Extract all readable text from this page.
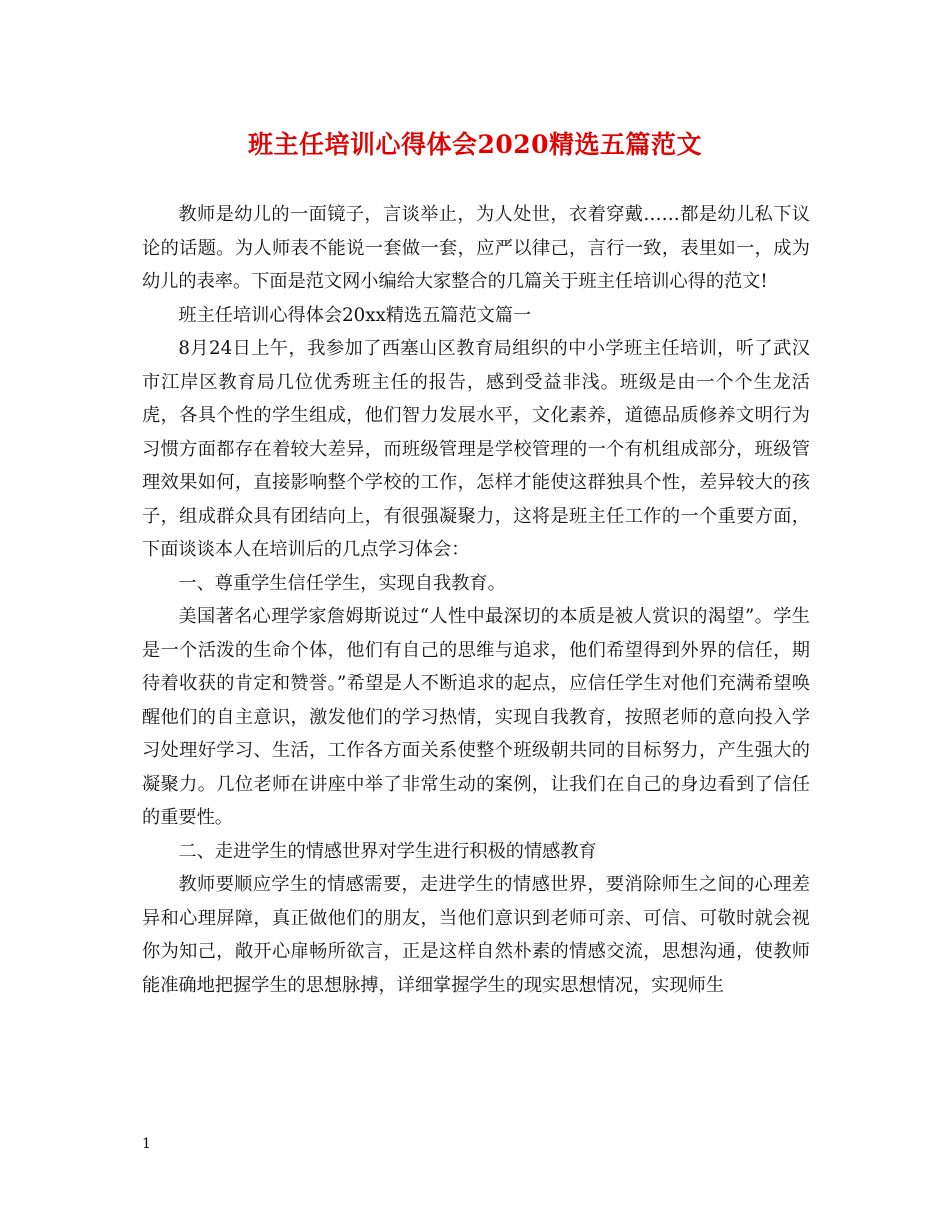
班主任培训心得体会2020精选五篇范文

教师是幼儿的一面镜子，言谈举止，为人处世，衣着穿戴……都是幼儿私下议论的话题。为人师表不能说一套做一套，应严以律己，言行一致，表里如一，成为幼儿的表率。下面是范文网小编给大家整合的几篇关于班主任培训心得的范文!

班主任培训心得体会20xx精选五篇范文篇一

8月24日上午，我参加了西塞山区教育局组织的中小学班主任培训，听了武汉市江岸区教育局几位优秀班主任的报告，感到受益非浅。班级是由一个个生龙活虎，各具个性的学生组成，他们智力发展水平，文化素养，道德品质修养文明行为习惯方面都存在着较大差异，而班级管理是学校管理的一个有机组成部分，班级管理效果如何，直接影响整个学校的工作，怎样才能使这群独具个性，差异较大的孩子，组成群众具有团结向上，有很强凝聚力，这将是班主任工作的一个重要方面，下面谈谈本人在培训后的几点学习体会：

一、尊重学生信任学生，实现自我教育。

美国著名心理学家詹姆斯说过“人性中最深切的本质是被人赏识的渴望”。学生是一个活泼的生命个体，他们有自己的思维与追求，他们希望得到外界的信任，期待着收获的肯定和赞誉。”希望是人不断追求的起点，应信任学生对他们充满希望唤醒他们的自主意识，激发他们的学习热情，实现自我教育，按照老师的意向投入学习处理好学习、生活，工作各方面关系使整个班级朝共同的目标努力，产生强大的凝聚力。几位老师在讲座中举了非常生动的案例，让我们在自己的身边看到了信任的重要性。

二、走进学生的情感世界对学生进行积极的情感教育

教师要顺应学生的情感需要，走进学生的情感世界，要消除师生之间的心理差异和心理屏障，真正做他们的朋友，当他们意识到老师可亲、可信、可敬时就会视你为知己，敞开心扉畅所欲言，正是这样自然朴素的情感交流，思想沟通，使教师能准确地把握学生的思想脉搏，详细掌握学生的现实思想情况，实现师生

1
